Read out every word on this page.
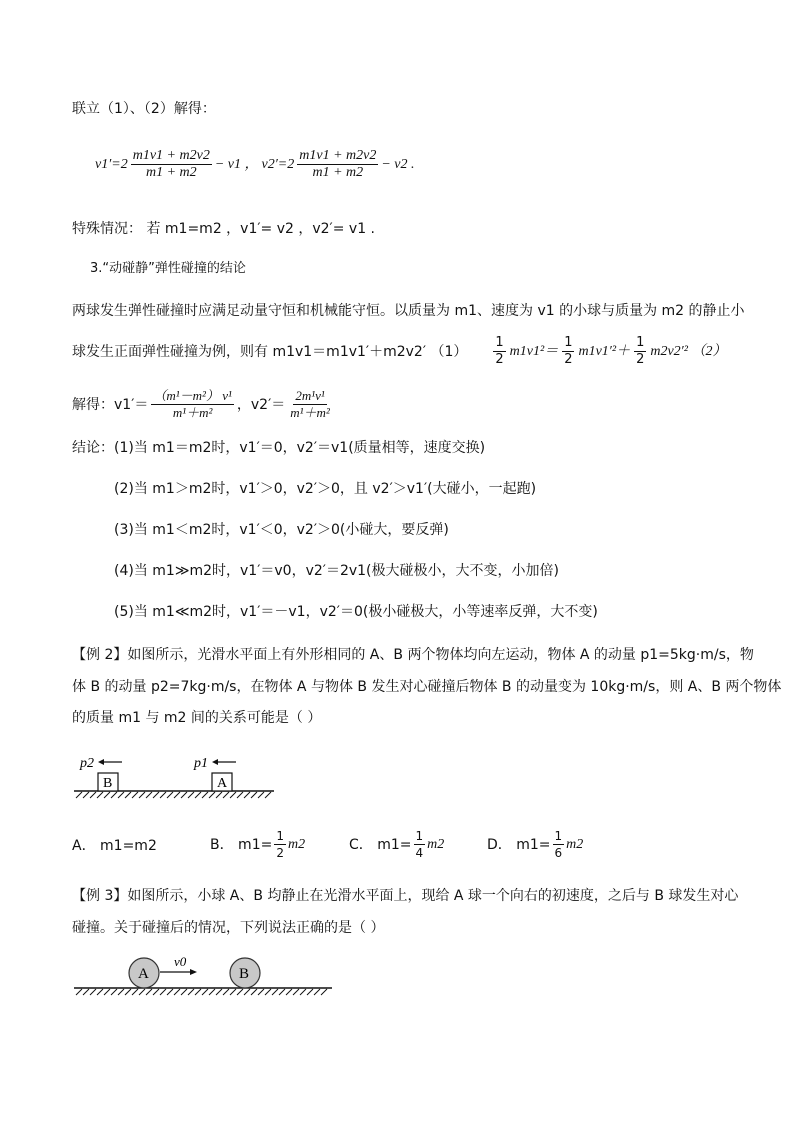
联立（1）、（2）解得：
$v1'=2 \frac{m1v1 + m2v2}{m1 + m2} - v1$ ， $v2'=2 \frac{m1v1 + m2v2}{m1 + m2} - v2$ .
特殊情况： 若 m1=m2 ，v1′= v2 ，v2′= v1 .
3.“动碰静”弹性碰撞的结论
两球发生弹性碰撞时应满足动量守恒和机械能守恒。以质量为 m1、速度为 v1 的小球与质量为 m2 的静止小
球发生正面弹性碰撞为例，则有 m1v1＝m1v1′＋m2v2′ $(1) \frac{1}{2} m1v1^2= \frac{1}{2} m1v1'^2+ \frac{1}{2} m2v2'^2$ （2）
解得：$v1'= \frac{\text{（m¹－m²） v¹}}{\text{m¹＋m²}}$ ，$v2'= \frac{\text{2m¹v¹}}{\text{m¹＋m²}}$
结论：(1)当 m1＝m2时，v1′＝0，v2′＝v1(质量相等，速度交换)
(2)当 m1＞m2时，v1′＞0，v2′＞0，且 v2′＞v1′(大碰小，一起跑)
(3)当 m1＜m2时，v1′＜0，v2′＞0(小碰大，要反弹)
(4)当 m1≫m2时，v1′＝v0，v2′＝2v1(极大碰极小，大不变，小加倍)
(5)当 m1≪m2时，v1′＝－v1，v2′＝0(极小碰极大，小等速率反弹，大不变)
【例 2】如图所示，光滑水平面上有外形相同的 A、B 两个物体均向左运动，物体 A 的动量 p1=5kg·m/s，物
体 B 的动量 p2=7kg·m/s，在物体 A 与物体 B 发生对心碰撞后物体 B 的动量变为 10kg·m/s，则 A、B 两个物体
的质量 m1 与 m2 间的关系可能是（ ）
B	A
p2	p1
A． m1=m2	B． $m1= \frac{1}{2} m2$	C． $m1= \frac{1}{4} m2$	D． $m1= \frac{1}{6} m2$
【例 3】如图所示，小球 A、B 均静止在光滑水平面上，现给 A 球一个向右的初速度，之后与 B 球发生对心
碰撞。关于碰撞后的情况，下列说法正确的是（ ）
A	B
v0
